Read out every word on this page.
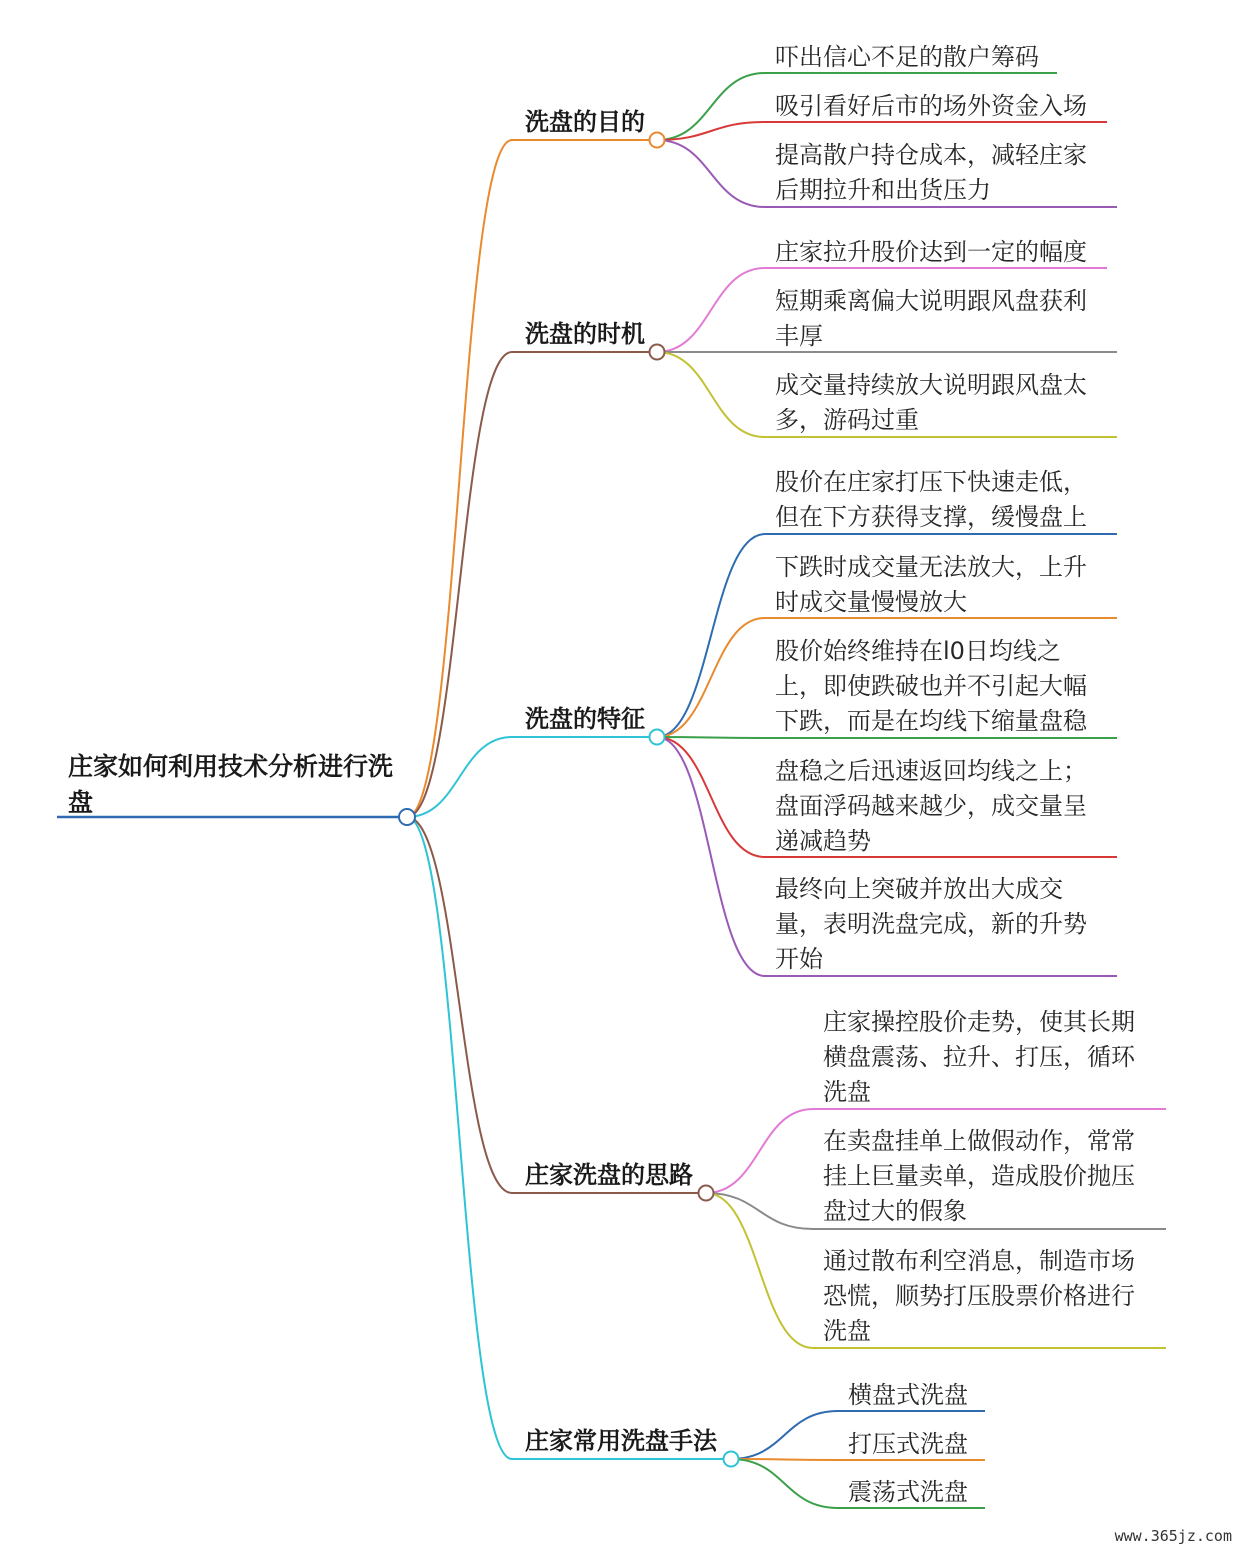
庄家如何利用技术分析进行洗
盘
洗盘的目的
吓出信心不足的散户筹码
吸引看好后市的场外资金入场
提高散户持仓成本，减轻庄家
后期拉升和出货压力
洗盘的时机
庄家拉升股价达到一定的幅度
短期乘离偏大说明跟风盘获利
丰厚
成交量持续放大说明跟风盘太
多，游码过重
洗盘的特征
股价在庄家打压下快速走低，
但在下方获得支撑，缓慢盘上
下跌时成交量无法放大，上升
时成交量慢慢放大
股价始终维持在l0日均线之
上，即使跌破也并不引起大幅
下跌，而是在均线下缩量盘稳
盘稳之后迅速返回均线之上；
盘面浮码越来越少，成交量呈
递减趋势
最终向上突破并放出大成交
量，表明洗盘完成，新的升势
开始
庄家洗盘的思路
庄家操控股价走势，使其长期
横盘震荡、拉升、打压，循环
洗盘
在卖盘挂单上做假动作，常常
挂上巨量卖单，造成股价抛压
盘过大的假象
通过散布利空消息，制造市场
恐慌，顺势打压股票价格进行
洗盘
庄家常用洗盘手法
横盘式洗盘
打压式洗盘
震荡式洗盘
www.365jz.com
